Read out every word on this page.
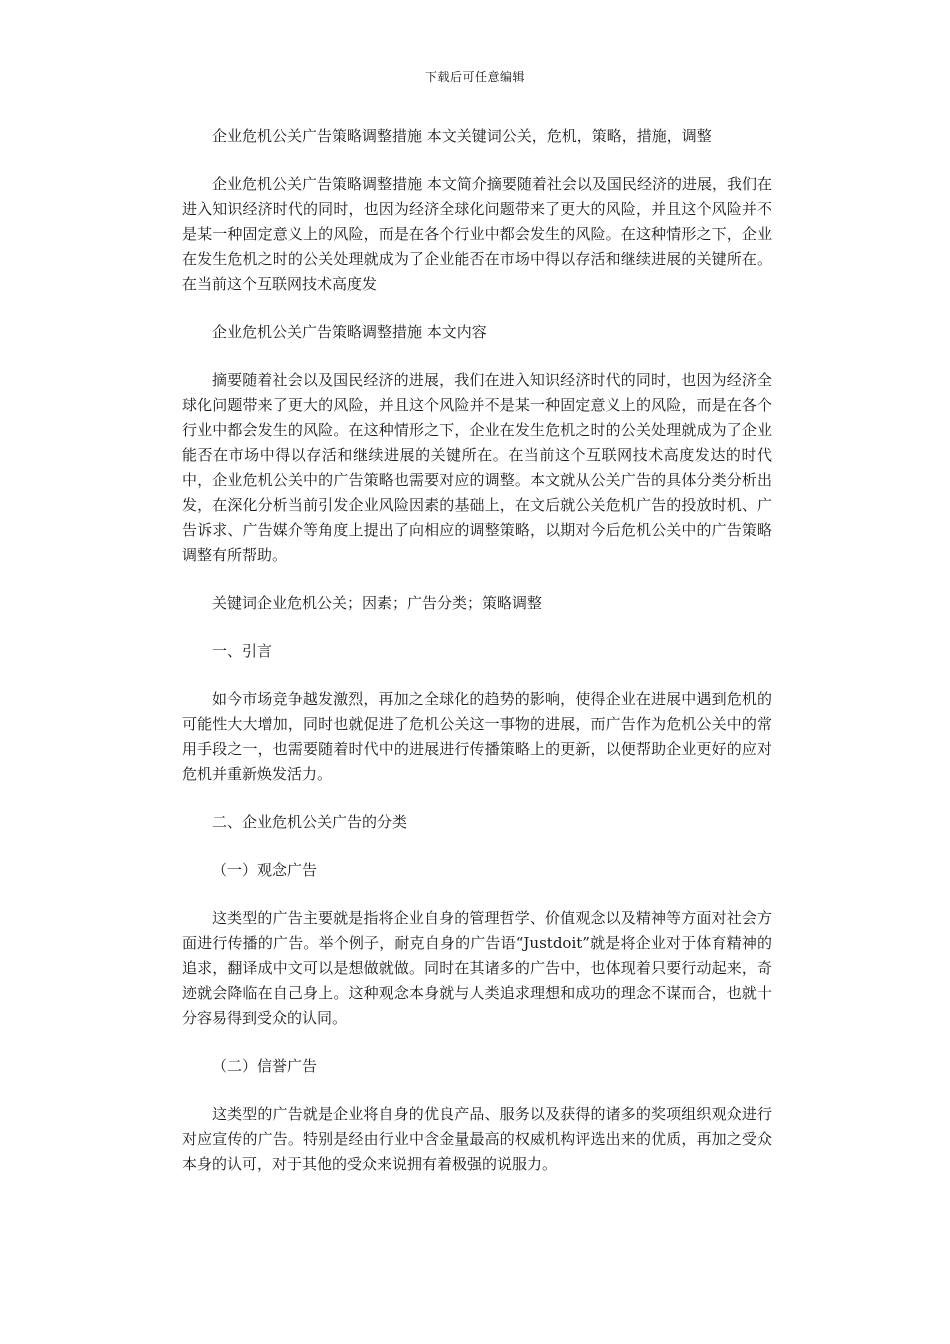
下载后可任意编辑

企业危机公关广告策略调整措施 本文关键词公关，危机，策略，措施，调整

企业危机公关广告策略调整措施 本文简介摘要随着社会以及国民经济的进展，我们在进入知识经济时代的同时，也因为经济全球化问题带来了更大的风险，并且这个风险并不是某一种固定意义上的风险，而是在各个行业中都会发生的风险。在这种情形之下，企业在发生危机之时的公关处理就成为了企业能否在市场中得以存活和继续进展的关键所在。在当前这个互联网技术高度发

企业危机公关广告策略调整措施 本文内容

摘要随着社会以及国民经济的进展，我们在进入知识经济时代的同时，也因为经济全球化问题带来了更大的风险，并且这个风险并不是某一种固定意义上的风险，而是在各个行业中都会发生的风险。在这种情形之下，企业在发生危机之时的公关处理就成为了企业能否在市场中得以存活和继续进展的关键所在。在当前这个互联网技术高度发达的时代中，企业危机公关中的广告策略也需要对应的调整。本文就从公关广告的具体分类分析出发，在深化分析当前引发企业风险因素的基础上，在文后就公关危机广告的投放时机、广告诉求、广告媒介等角度上提出了向相应的调整策略，以期对今后危机公关中的广告策略调整有所帮助。

关键词企业危机公关；因素；广告分类；策略调整

一、引言

如今市场竞争越发激烈，再加之全球化的趋势的影响，使得企业在进展中遇到危机的可能性大大增加，同时也就促进了危机公关这一事物的进展，而广告作为危机公关中的常用手段之一，也需要随着时代中的进展进行传播策略上的更新，以便帮助企业更好的应对危机并重新焕发活力。

二、企业危机公关广告的分类

（一）观念广告

这类型的广告主要就是指将企业自身的管理哲学、价值观念以及精神等方面对社会方面进行传播的广告。举个例子，耐克自身的广告语“Justdoit”就是将企业对于体育精神的追求，翻译成中文可以是想做就做。同时在其诸多的广告中，也体现着只要行动起来，奇迹就会降临在自己身上。这种观念本身就与人类追求理想和成功的理念不谋而合，也就十分容易得到受众的认同。

（二）信誉广告

这类型的广告就是企业将自身的优良产品、服务以及获得的诸多的奖项组织观众进行对应宣传的广告。特别是经由行业中含金量最高的权威机构评选出来的优质，再加之受众本身的认可，对于其他的受众来说拥有着极强的说服力。
